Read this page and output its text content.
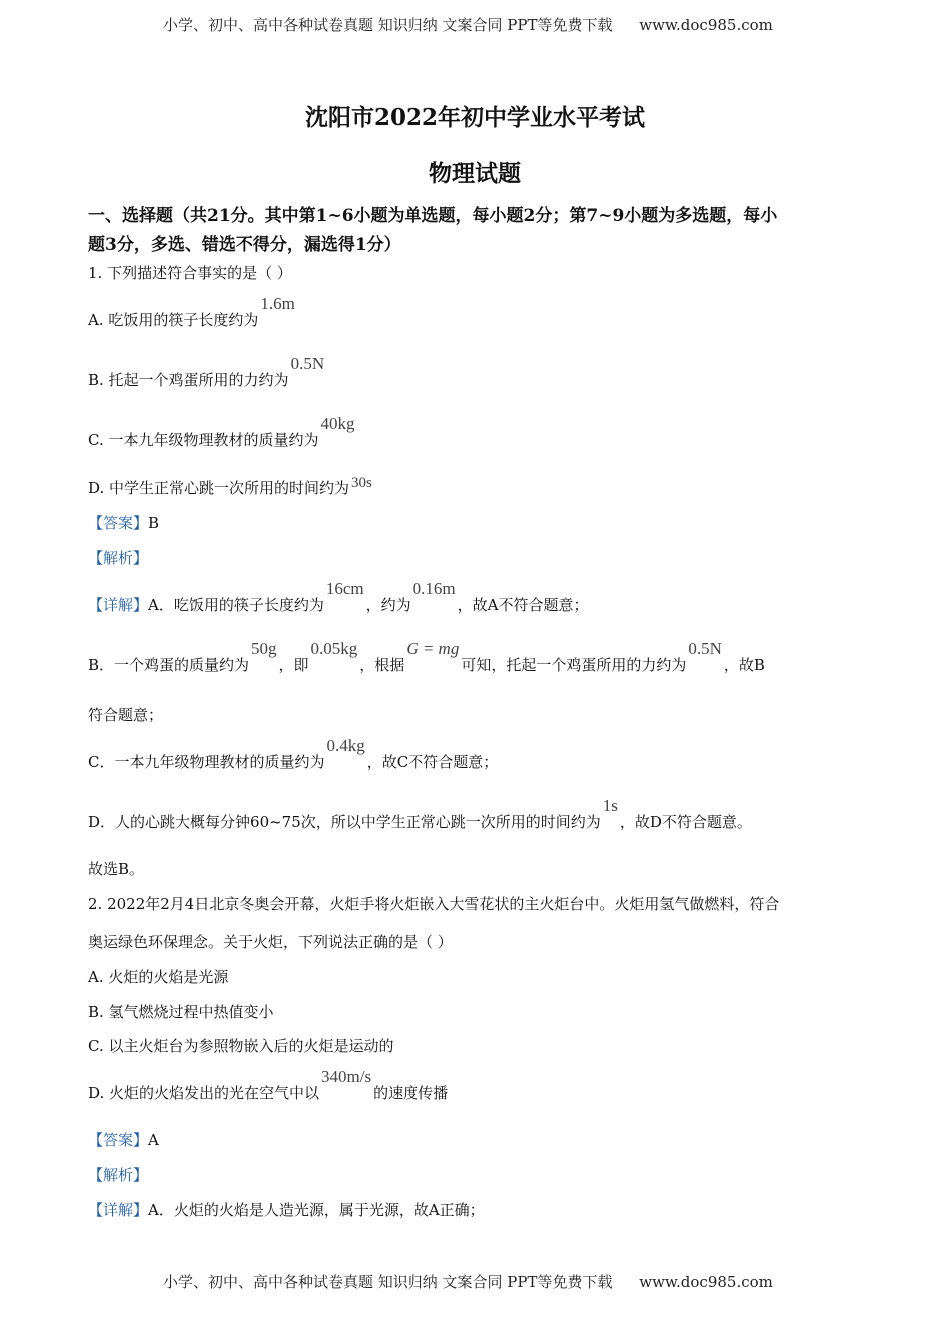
小学、初中、高中各种试卷真题 知识归纳 文案合同 PPT等免费下载 www.doc985.com
沈阳市2022年初中学业水平考试
物理试题
一、选择题（共21分。其中第1~6小题为单选题，每小题2分；第7~9小题为多选题，每小
题3分，多选、错选不得分，漏选得1分）
1. 下列描述符合事实的是（ ）
A. 吃饭用的筷子长度约为1.6m
B. 托起一个鸡蛋所用的力约为0.5N
C. 一本九年级物理教材的质量约为40kg
D. 中学生正常心跳一次所用的时间约为 30s
【答案】B
【解析】
【详解】A．吃饭用的筷子长度约为16cm，约为0.16m，故A不符合题意；
B．一个鸡蛋的质量约为50g，即0.05kg，根据G = mg可知，托起一个鸡蛋所用的力约为0.5N，故B
符合题意；
C．一本九年级物理教材的质量约为0.4kg，故C不符合题意；
D．人的心跳大概每分钟60~75次，所以中学生正常心跳一次所用的时间约为1s，故D不符合题意。
故选B。
2. 2022年2月4日北京冬奥会开幕，火炬手将火炬嵌入大雪花状的主火炬台中。火炬用氢气做燃料，符合
奥运绿色环保理念。关于火炬，下列说法正确的是（ ）
A. 火炬的火焰是光源
B. 氢气燃烧过程中热值变小
C. 以主火炬台为参照物嵌入后的火炬是运动的
D. 火炬的火焰发出的光在空气中以340m/s的速度传播
【答案】A
【解析】
【详解】A．火炬的火焰是人造光源，属于光源，故A正确；
小学、初中、高中各种试卷真题 知识归纳 文案合同 PPT等免费下载 www.doc985.com
